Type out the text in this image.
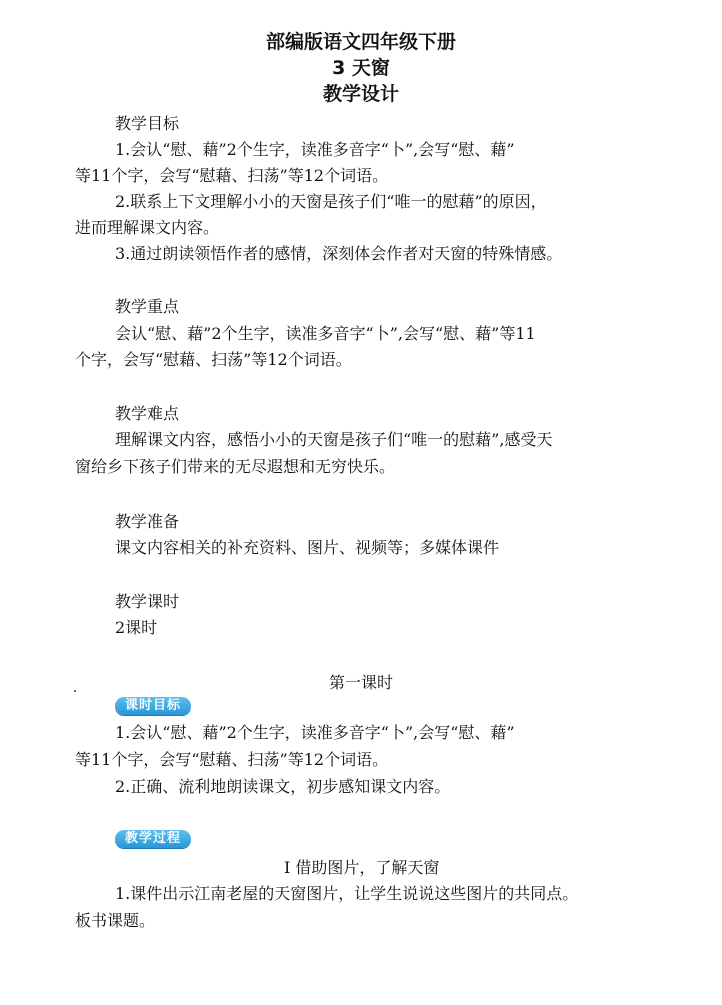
部编版语文四年级下册
3 天窗
教学设计
教学目标
1.会认“慰、藉”2个生字，读准多音字“卜”,会写“慰、藉”
等11个字，会写“慰藉、扫荡”等12个词语。
2.联系上下文理解小小的天窗是孩子们“唯一的慰藉”的原因，
进而理解课文内容。
3.通过朗读领悟作者的感情，深刻体会作者对天窗的特殊情感。
教学重点
会认“慰、藉”2个生字，读准多音字“卜”,会写“慰、藉”等11
个字，会写“慰藉、扫荡”等12个词语。
教学难点
理解课文内容，感悟小小的天窗是孩子们“唯一的慰藉”,感受天
窗给乡下孩子们带来的无尽遐想和无穷快乐。
教学准备
课文内容相关的补充资料、图片、视频等；多媒体课件
教学课时
2课时
第一课时
课时目标
1.会认“慰、藉”2个生字，读准多音字“卜”,会写“慰、藉”
等11个字，会写“慰藉、扫荡”等12个词语。
2.正确、流利地朗读课文，初步感知课文内容。
教学过程
Ⅰ 借助图片，了解天窗
1.课件出示江南老屋的天窗图片，让学生说说这些图片的共同点。
板书课题。
